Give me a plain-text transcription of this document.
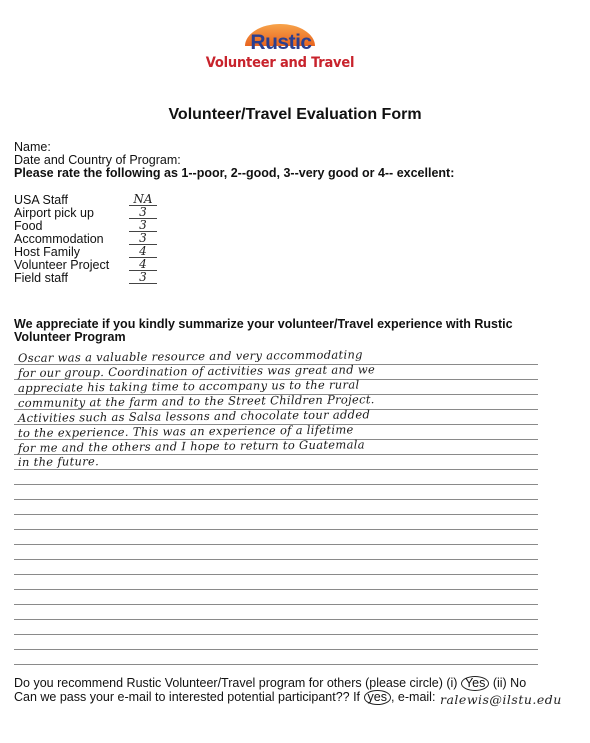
Rustic
Volunteer and Travel
Volunteer/Travel Evaluation Form
Name:
Date and Country of Program:
Please rate the following as 1--poor, 2--good, 3--very good or 4-- excellent:
USA Staff	NA
Airport pick up	3
Food	3
Accommodation	3
Host Family	4
Volunteer Project	4
Field staff	3
We appreciate if you kindly summarize your volunteer/Travel experience with Rustic
Volunteer Program
Oscar was a valuable resource and very accommodating
for our group. Coordination of activities was great and we
appreciate his taking time to accompany us to the rural
community at the farm and to the Street Children Project.
Activities such as Salsa lessons and chocolate tour added
to the experience. This was an experience of a lifetime
for me and the others and I hope to return to Guatemala
in the future.
Do you recommend Rustic Volunteer/Travel program for others (please circle) (i) Yes (ii) No
Can we pass your e-mail to interested potential participant?? If yes , e-mail: ralewis@ilstu.edu
